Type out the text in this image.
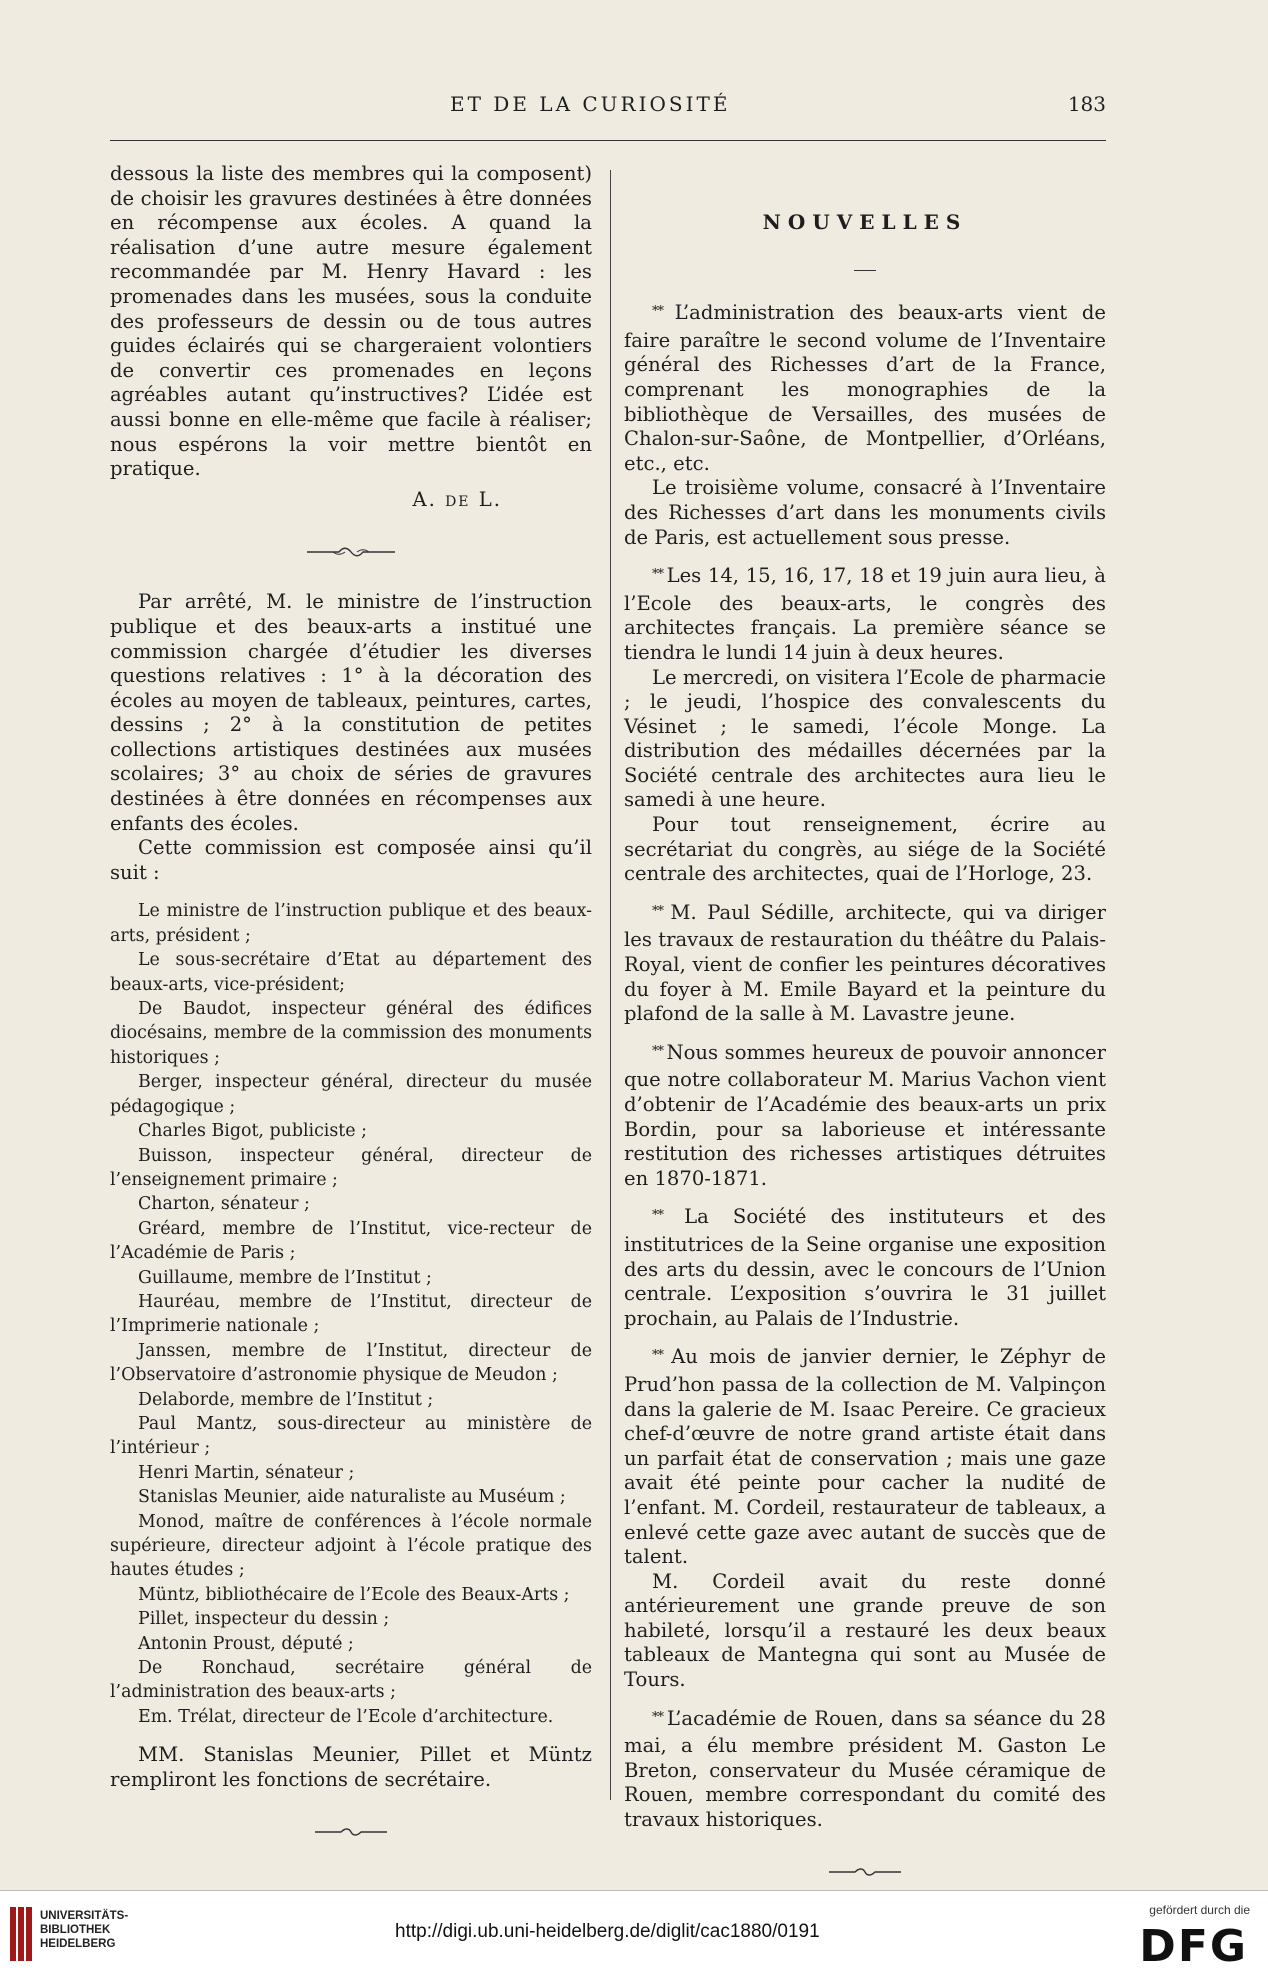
ET DE LA CURIOSITÉ	183

dessous la liste des membres qui la composent) de choisir les gravures destinées à être données en récompense aux écoles. A quand la réalisation d’une autre mesure également recommandée par M. Henry Havard : les promenades dans les musées, sous la conduite des professeurs de dessin ou de tous autres guides éclairés qui se chargeraient volontiers de convertir ces promenades en leçons agréables autant qu’instructives? L’idée est aussi bonne en elle-même que facile à réaliser; nous espérons la voir mettre bientôt en pratique.

A. de L.

Par arrêté, M. le ministre de l’instruction publique et des beaux-arts a institué une commission chargée d’étudier les diverses questions relatives : 1° à la décoration des écoles au moyen de tableaux, peintures, cartes, dessins ; 2° à la constitution de petites collections artistiques destinées aux musées scolaires; 3° au choix de séries de gravures destinées à être données en récompenses aux enfants des écoles.

Cette commission est composée ainsi qu’il suit :

Le ministre de l’instruction publique et des beaux-arts, président ;

Le sous-secrétaire d’Etat au département des beaux-arts, vice-président;

De Baudot, inspecteur général des édifices diocésains, membre de la commission des monuments historiques ;

Berger, inspecteur général, directeur du musée pédagogique ;

Charles Bigot, publiciste ;

Buisson, inspecteur général, directeur de l’enseignement primaire ;

Charton, sénateur ;

Gréard, membre de l’Institut, vice-recteur de l’Académie de Paris ;

Guillaume, membre de l’Institut ;

Hauréau, membre de l’Institut, directeur de l’Imprimerie nationale ;

Janssen, membre de l’Institut, directeur de l’Observatoire d’astronomie physique de Meudon ;

Delaborde, membre de l’Institut ;

Paul Mantz, sous-directeur au ministère de l’intérieur ;

Henri Martin, sénateur ;

Stanislas Meunier, aide naturaliste au Muséum ;

Monod, maître de conférences à l’école normale supérieure, directeur adjoint à l’école pratique des hautes études ;

Müntz, bibliothécaire de l’Ecole des Beaux-Arts ;

Pillet, inspecteur du dessin ;

Antonin Proust, député ;

De Ronchaud, secrétaire général de l’administration des beaux-arts ;

Em. Trélat, directeur de l’Ecole d’architecture.

MM. Stanislas Meunier, Pillet et Müntz rempliront les fonctions de secrétaire.

NOUVELLES

** L’administration des beaux-arts vient de faire paraître le second volume de l’Inventaire général des Richesses d’art de la France, comprenant les monographies de la bibliothèque de Versailles, des musées de Chalon-sur-Saône, de Montpellier, d’Orléans, etc., etc.

Le troisième volume, consacré à l’Inventaire des Richesses d’art dans les monuments civils de Paris, est actuellement sous presse.

** Les 14, 15, 16, 17, 18 et 19 juin aura lieu, à l’Ecole des beaux-arts, le congrès des architectes français. La première séance se tiendra le lundi 14 juin à deux heures.

Le mercredi, on visitera l’Ecole de pharmacie ; le jeudi, l’hospice des convalescents du Vésinet ; le samedi, l’école Monge. La distribution des médailles décernées par la Société centrale des architectes aura lieu le samedi à une heure.

Pour tout renseignement, écrire au secrétariat du congrès, au siége de la Société centrale des architectes, quai de l’Horloge, 23.

** M. Paul Sédille, architecte, qui va diriger les travaux de restauration du théâtre du Palais-Royal, vient de confier les peintures décoratives du foyer à M. Emile Bayard et la peinture du plafond de la salle à M. Lavastre jeune.

** Nous sommes heureux de pouvoir annoncer que notre collaborateur M. Marius Vachon vient d’obtenir de l’Académie des beaux-arts un prix Bordin, pour sa laborieuse et intéressante restitution des richesses artistiques détruites en 1870-1871.

** La Société des instituteurs et des institutrices de la Seine organise une exposition des arts du dessin, avec le concours de l’Union centrale. L’exposition s’ouvrira le 31 juillet prochain, au Palais de l’Industrie.

** Au mois de janvier dernier, le Zéphyr de Prud’hon passa de la collection de M. Valpinçon dans la galerie de M. Isaac Pereire. Ce gracieux chef-d’œuvre de notre grand artiste était dans un parfait état de conservation ; mais une gaze avait été peinte pour cacher la nudité de l’enfant. M. Cordeil, restaurateur de tableaux, a enlevé cette gaze avec autant de succès que de talent.

M. Cordeil avait du reste donné antérieurement une grande preuve de son habileté, lorsqu’il a restauré les deux beaux tableaux de Mantegna qui sont au Musée de Tours.

** L’académie de Rouen, dans sa séance du 28 mai, a élu membre président M. Gaston Le Breton, conservateur du Musée céramique de Rouen, membre correspondant du comité des travaux historiques.

UNIVERSITÄTS-
BIBLIOTHEK
HEIDELBERG
http://digi.ub.uni-heidelberg.de/diglit/cac1880/0191
gefördert durch die
DFG
